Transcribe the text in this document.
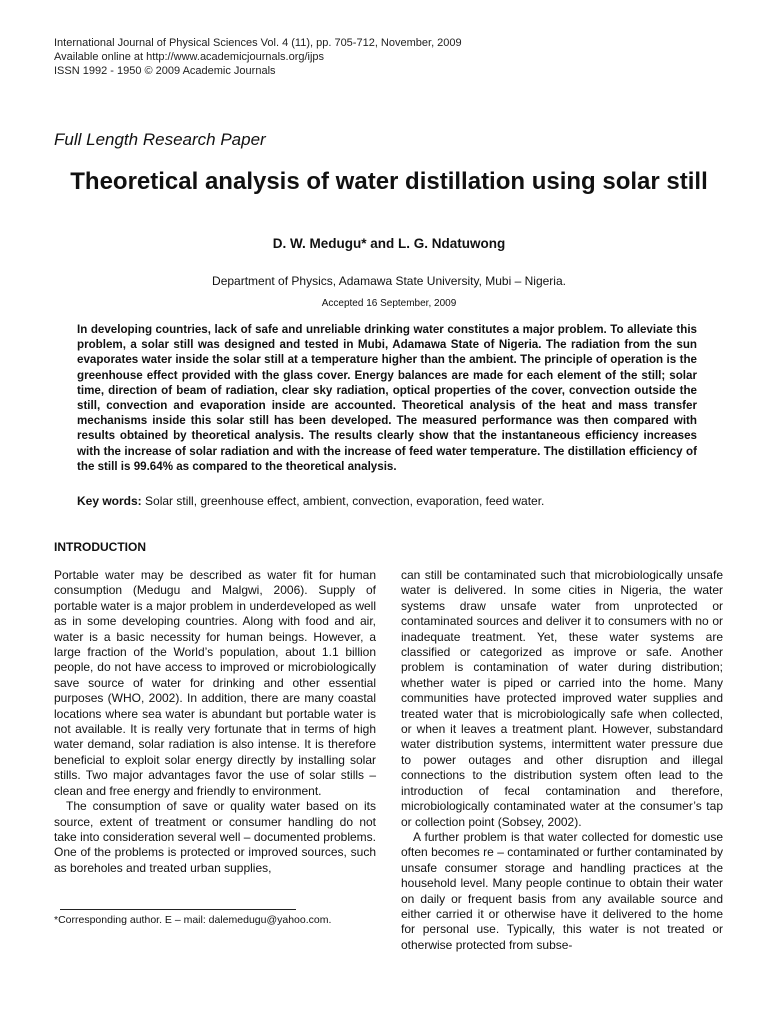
International Journal of Physical Sciences Vol. 4 (11), pp. 705-712, November, 2009
Available online at http://www.academicjournals.org/ijps
ISSN 1992 - 1950 © 2009 Academic Journals
Full Length Research Paper
Theoretical analysis of water distillation using solar still
D. W. Medugu* and L. G. Ndatuwong
Department of Physics, Adamawa State University, Mubi – Nigeria.
Accepted 16 September, 2009

In developing countries, lack of safe and unreliable drinking water constitutes a major problem. To alleviate this problem, a solar still was designed and tested in Mubi, Adamawa State of Nigeria. The radiation from the sun evaporates water inside the solar still at a temperature higher than the ambient. The principle of operation is the greenhouse effect provided with the glass cover. Energy balances are made for each element of the still; solar time, direction of beam of radiation, clear sky radiation, optical properties of the cover, convection outside the still, convection and evaporation inside are accounted. Theoretical analysis of the heat and mass transfer mechanisms inside this solar still has been developed. The measured performance was then compared with results obtained by theoretical analysis. The results clearly show that the instantaneous efficiency increases with the increase of solar radiation and with the increase of feed water temperature. The distillation efficiency of the still is 99.64% as compared to the theoretical analysis.

Key words: Solar still, greenhouse effect, ambient, convection, evaporation, feed water.

INTRODUCTION

Portable water may be described as water fit for human consumption (Medugu and Malgwi, 2006). Supply of portable water is a major problem in underdeveloped as well as in some developing countries. Along with food and air, water is a basic necessity for human beings. However, a large fraction of the World’s population, about 1.1 billion people, do not have access to improved or microbiologically save source of water for drinking and other essential purposes (WHO, 2002). In addition, there are many coastal locations where sea water is abundant but portable water is not available. It is really very fortunate that in terms of high water demand, solar radiation is also intense. It is therefore beneficial to exploit solar energy directly by installing solar stills. Two major advantages favor the use of solar stills – clean and free energy and friendly to environment.

The consumption of save or quality water based on its source, extent of treatment or consumer handling do not take into consideration several well – documented problems. One of the problems is protected or improved sources, such as boreholes and treated urban supplies,

can still be contaminated such that microbiologically unsafe water is delivered. In some cities in Nigeria, the water systems draw unsafe water from unprotected or contaminated sources and deliver it to consumers with no or inadequate treatment. Yet, these water systems are classified or categorized as improve or safe. Another problem is contamination of water during distribution; whether water is piped or carried into the home. Many communities have protected improved water supplies and treated water that is microbiologically safe when collected, or when it leaves a treatment plant. However, substandard water distribution systems, intermittent water pressure due to power outages and other disruption and illegal connections to the distribution system often lead to the introduction of fecal contamination and therefore, microbiologically contaminated water at the consumer’s tap or collection point (Sobsey, 2002).

A further problem is that water collected for domestic use often becomes re – contaminated or further contaminated by unsafe consumer storage and handling practices at the household level. Many people continue to obtain their water on daily or frequent basis from any available source and either carried it or otherwise have it delivered to the home for personal use. Typically, this water is not treated or otherwise protected from subse-

*Corresponding author. E – mail: dalemedugu@yahoo.com.
